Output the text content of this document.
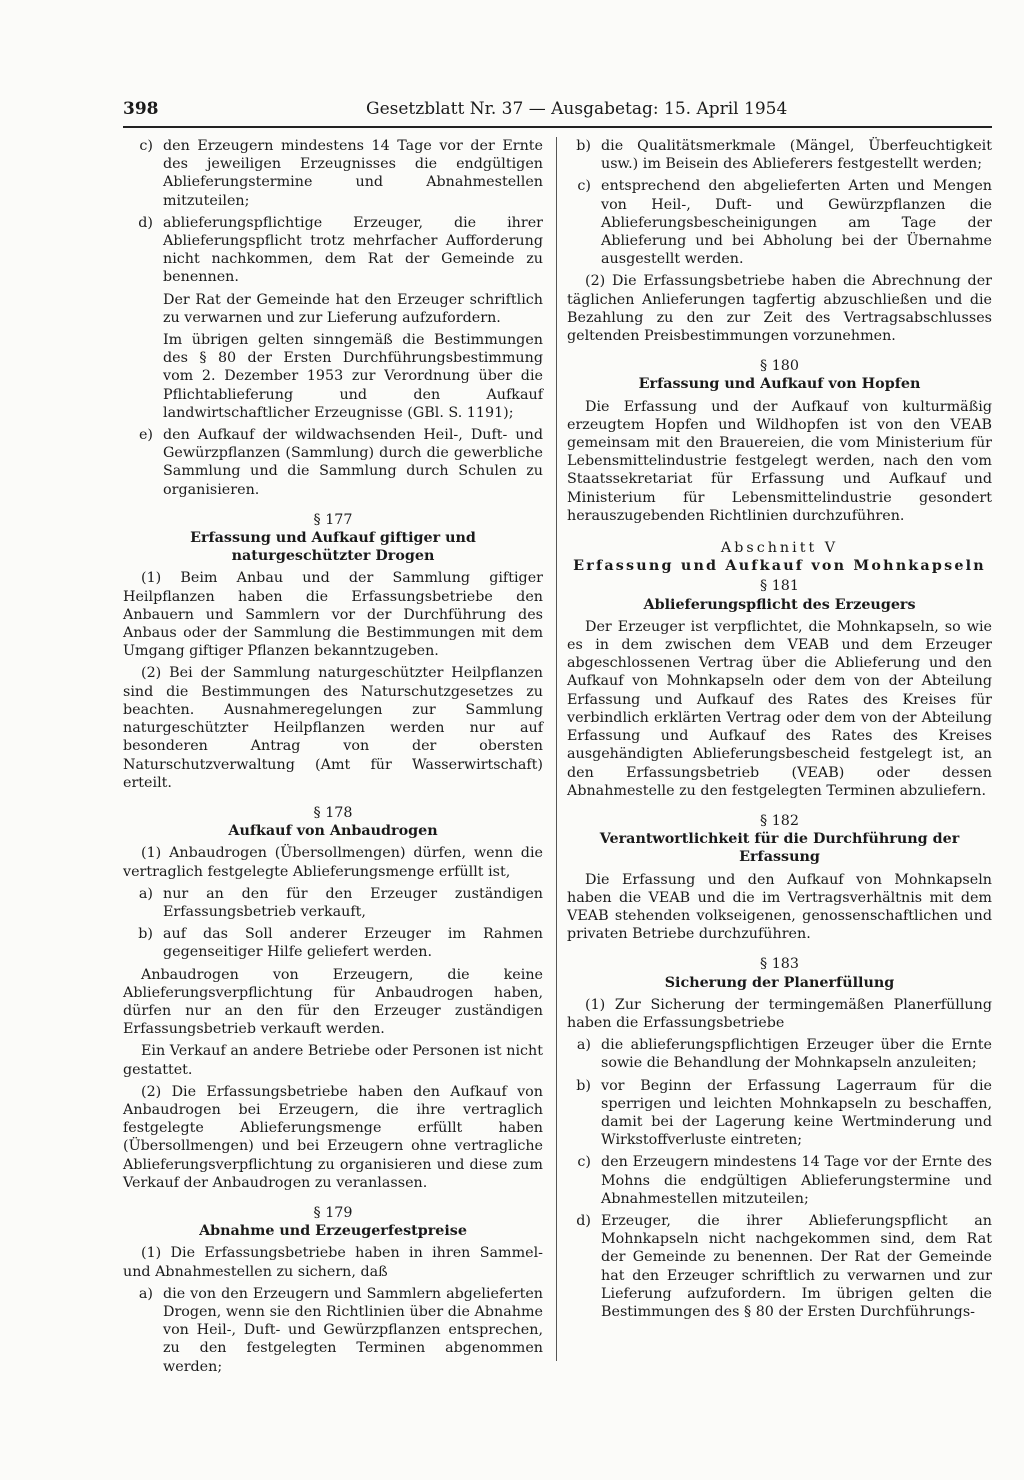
398	Gesetzblatt Nr. 37 — Ausgabetag: 15. April 1954
c) den Erzeugern mindestens 14 Tage vor der Ernte des jeweiligen Erzeugnisses die endgültigen Ablieferungstermine und Abnahmestellen mitzuteilen;
d) ablieferungspflichtige Erzeuger, die ihrer Ablieferungspflicht trotz mehrfacher Aufforderung nicht nachkommen, dem Rat der Gemeinde zu benennen.

Der Rat der Gemeinde hat den Erzeuger schriftlich zu verwarnen und zur Lieferung aufzufordern.

Im übrigen gelten sinngemäß die Bestimmungen des § 80 der Ersten Durchführungsbestimmung vom 2. Dezember 1953 zur Verordnung über die Pflichtablieferung und den Aufkauf landwirtschaftlicher Erzeugnisse (GBl. S. 1191);

e) den Aufkauf der wildwachsenden Heil-, Duft- und Gewürzpflanzen (Sammlung) durch die gewerbliche Sammlung und die Sammlung durch Schulen zu organisieren.
§ 177
Erfassung und Aufkauf giftiger und naturgeschützter Drogen

(1) Beim Anbau und der Sammlung giftiger Heilpflanzen haben die Erfassungsbetriebe den Anbauern und Sammlern vor der Durchführung des Anbaus oder der Sammlung die Bestimmungen mit dem Umgang giftiger Pflanzen bekanntzugeben.

(2) Bei der Sammlung naturgeschützter Heilpflanzen sind die Bestimmungen des Naturschutzgesetzes zu beachten. Ausnahmeregelungen zur Sammlung naturgeschützter Heilpflanzen werden nur auf besonderen Antrag von der obersten Naturschutzverwaltung (Amt für Wasserwirtschaft) erteilt.

§ 178
Aufkauf von Anbaudrogen

(1) Anbaudrogen (Übersollmengen) dürfen, wenn die vertraglich festgelegte Ablieferungsmenge erfüllt ist,

a) nur an den für den Erzeuger zuständigen Erfassungsbetrieb verkauft,
b) auf das Soll anderer Erzeuger im Rahmen gegenseitiger Hilfe geliefert werden.

Anbaudrogen von Erzeugern, die keine Ablieferungsverpflichtung für Anbaudrogen haben, dürfen nur an den für den Erzeuger zuständigen Erfassungsbetrieb verkauft werden.

Ein Verkauf an andere Betriebe oder Personen ist nicht gestattet.

(2) Die Erfassungsbetriebe haben den Aufkauf von Anbaudrogen bei Erzeugern, die ihre vertraglich festgelegte Ablieferungsmenge erfüllt haben (Übersollmengen) und bei Erzeugern ohne vertragliche Ablieferungsverpflichtung zu organisieren und diese zum Verkauf der Anbaudrogen zu veranlassen.

§ 179
Abnahme und Erzeugerfestpreise

(1) Die Erfassungsbetriebe haben in ihren Sammel- und Abnahmestellen zu sichern, daß

a) die von den Erzeugern und Sammlern abgelieferten Drogen, wenn sie den Richtlinien über die Abnahme von Heil-, Duft- und Gewürzpflanzen entsprechen, zu den festgelegten Terminen abgenommen werden;
b) die Qualitätsmerkmale (Mängel, Überfeuchtigkeit usw.) im Beisein des Ablieferers festgestellt werden;
c) entsprechend den abgelieferten Arten und Mengen von Heil-, Duft- und Gewürzpflanzen die Ablieferungsbescheinigungen am Tage der Ablieferung und bei Abholung bei der Übernahme ausgestellt werden.

(2) Die Erfassungsbetriebe haben die Abrechnung der täglichen Anlieferungen tagfertig abzuschließen und die Bezahlung zu den zur Zeit des Vertragsabschlusses geltenden Preisbestimmungen vorzunehmen.

§ 180
Erfassung und Aufkauf von Hopfen

Die Erfassung und der Aufkauf von kulturmäßig erzeugtem Hopfen und Wildhopfen ist von den VEAB gemeinsam mit den Brauereien, die vom Ministerium für Lebensmittelindustrie festgelegt werden, nach den vom Staatssekretariat für Erfassung und Aufkauf und Ministerium für Lebensmittelindustrie gesondert herauszugebenden Richtlinien durchzuführen.

Abschnitt V
Erfassung und Aufkauf von Mohnkapseln
§ 181
Ablieferungspflicht des Erzeugers

Der Erzeuger ist verpflichtet, die Mohnkapseln, so wie es in dem zwischen dem VEAB und dem Erzeuger abgeschlossenen Vertrag über die Ablieferung und den Aufkauf von Mohnkapseln oder dem von der Abteilung Erfassung und Aufkauf des Rates des Kreises für verbindlich erklärten Vertrag oder dem von der Abteilung Erfassung und Aufkauf des Rates des Kreises ausgehändigten Ablieferungsbescheid festgelegt ist, an den Erfassungsbetrieb (VEAB) oder dessen Abnahmestelle zu den festgelegten Terminen abzuliefern.

§ 182
Verantwortlichkeit für die Durchführung der Erfassung

Die Erfassung und den Aufkauf von Mohnkapseln haben die VEAB und die im Vertragsverhältnis mit dem VEAB stehenden volkseigenen, genossenschaftlichen und privaten Betriebe durchzuführen.

§ 183
Sicherung der Planerfüllung

(1) Zur Sicherung der termingemäßen Planerfüllung haben die Erfassungsbetriebe

a) die ablieferungspflichtigen Erzeuger über die Ernte sowie die Behandlung der Mohnkapseln anzuleiten;
b) vor Beginn der Erfassung Lagerraum für die sperrigen und leichten Mohnkapseln zu beschaffen, damit bei der Lagerung keine Wertminderung und Wirkstoffverluste eintreten;
c) den Erzeugern mindestens 14 Tage vor der Ernte des Mohns die endgültigen Ablieferungstermine und Abnahmestellen mitzuteilen;
d) Erzeuger, die ihrer Ablieferungspflicht an Mohnkapseln nicht nachgekommen sind, dem Rat der Gemeinde zu benennen. Der Rat der Gemeinde hat den Erzeuger schriftlich zu verwarnen und zur Lieferung aufzufordern. Im übrigen gelten die Bestimmungen des § 80 der Ersten Durchführungs-
